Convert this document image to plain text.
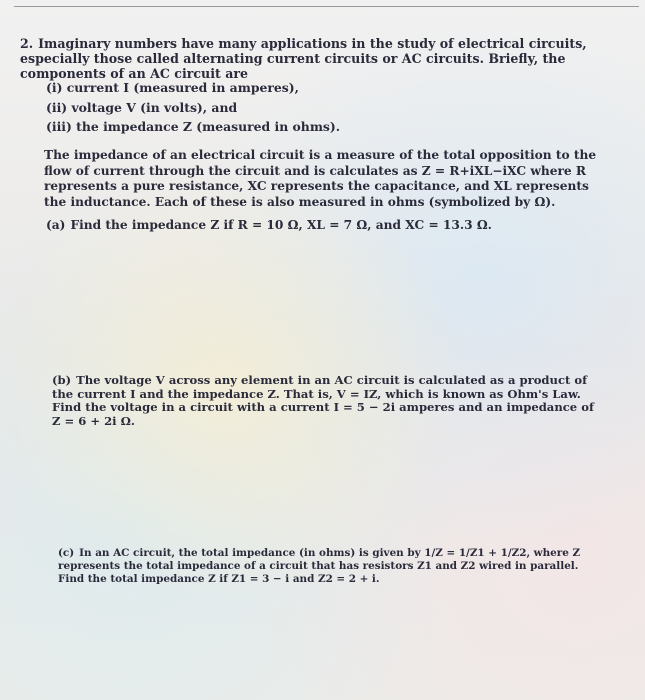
2. Imaginary numbers have many applications in the study of electrical circuits, especially those called alternating current circuits or AC circuits. Briefly, the components of an AC circuit are
(i) current I (measured in amperes),
(ii) voltage V (in volts), and
(iii) the impedance Z (measured in ohms).
The impedance of an electrical circuit is a measure of the total opposition to the flow of current through the circuit and is calculates as Z = R+iXL−iXC where R represents a pure resistance, XC represents the capacitance, and XL represents the inductance. Each of these is also measured in ohms (symbolized by Ω).
(a) Find the impedance Z if R = 10 Ω, XL = 7 Ω, and XC = 13.3 Ω.
(b) The voltage V across any element in an AC circuit is calculated as a product of the current I and the impedance Z. That is, V = IZ, which is known as Ohm's Law. Find the voltage in a circuit with a current I = 5 − 2i amperes and an impedance of Z = 6 + 2i Ω.
(c) In an AC circuit, the total impedance (in ohms) is given by 1/Z = 1/Z1 + 1/Z2, where Z represents the total impedance of a circuit that has resistors Z1 and Z2 wired in parallel. Find the total impedance Z if Z1 = 3 − i and Z2 = 2 + i.
